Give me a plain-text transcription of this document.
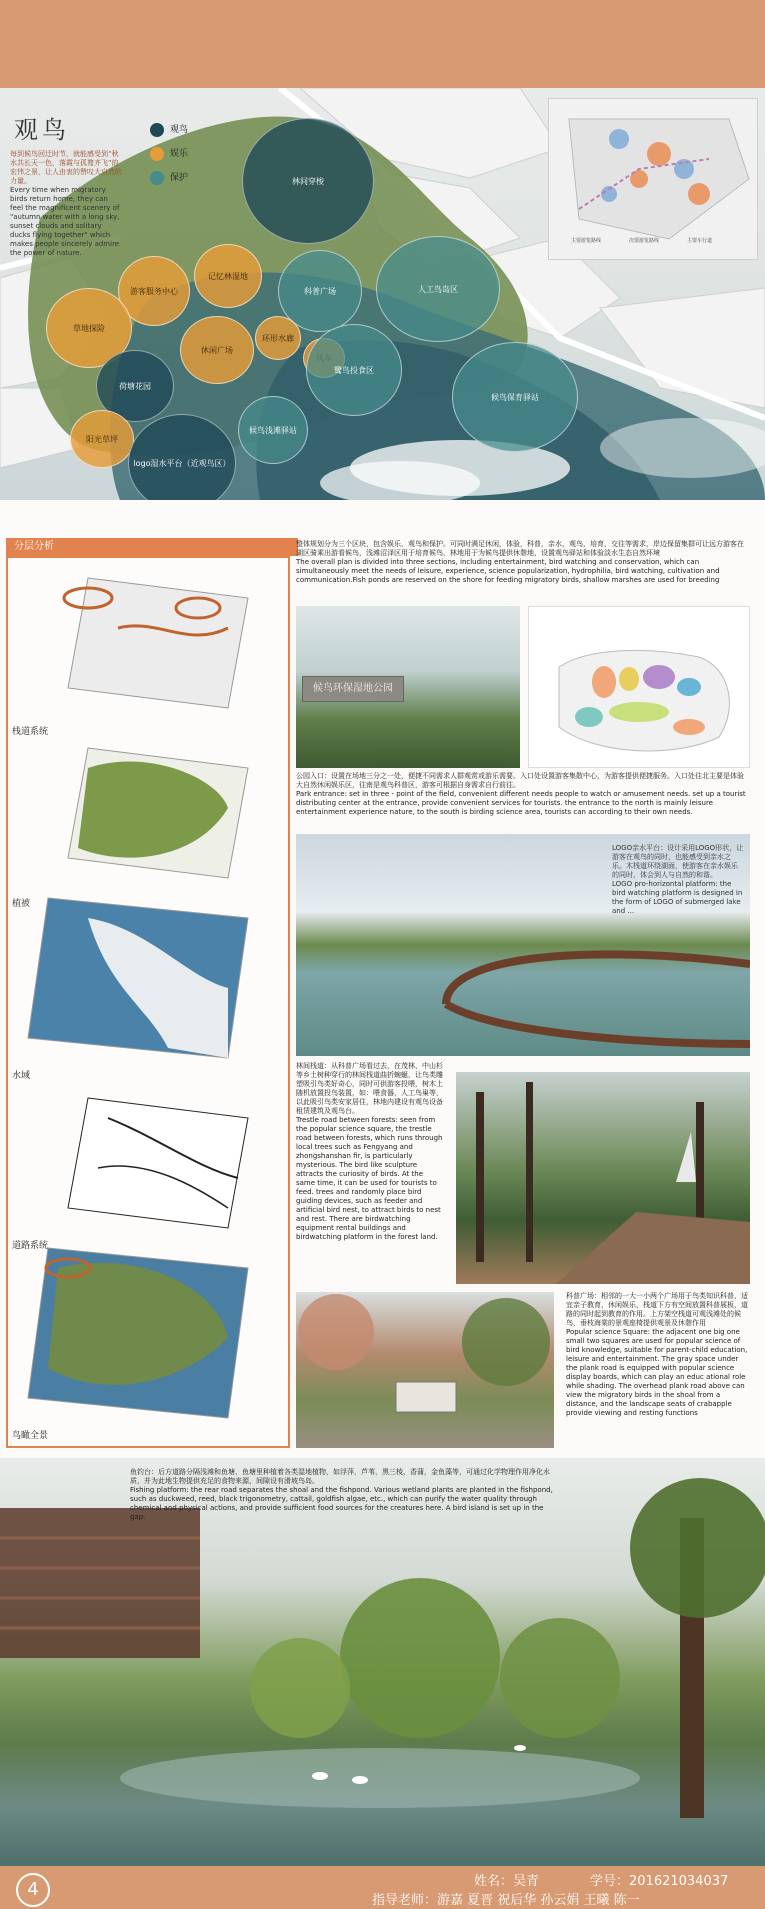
观鸟
每到候鸟回迁时节，就能感受到“秋水共长天一色，落霞与孤鹜齐飞”的宏伟之景，让人由衷的赞叹大自然的力量。
Every time when migratory birds return home, they can feel the magnificent scenery of "autumn water with a long sky, sunset clouds and solitary ducks flying together" which makes people sincerely admire the power of nature.
观鸟
娱乐
保护	林间穿梭
科普广场	人工鸟岛区
游客服务中心
记忆林湿地
草地探险
休闲广场
环形水廊
鹭鸟投食区
荷塘花园
候鸟保育驿站
阳光草坪
logo湿水平台（近观鸟区）
候鸟浅滩驿站
主要游览路线	次要游览路线	主要车行道
分层分析
栈道系统
植被
水域
道路系统
鸟瞰全景
整体规划分为三个区块，包含娱乐，观鸟和保护。可同时满足休闲，体验，科普，亲水，观鸟，培育，交往等需求，岸边保留集群可让远方游客在湖区骑乘出游看候鸟，浅滩沼泽区用于培育候鸟，林地用于为候鸟提供休憩地，设置观鸟驿站和体验淡水生态自然环境
The overall plan is divided into three sections, including entertainment, bird watching and conservation, which can simultaneously meet the needs of leisure, experience, science popularization, hydrophilia, bird watching, cultivation and communication.Fish ponds are reserved on the shore for feeding migratory birds, shallow marshes are used for breeding
候鸟环保湿地公园
公园入口：设置在场地三分之一处，便捷不同需求人群观赏或游乐需要。入口处设置游客集散中心，为游客提供便捷服务。入口处往北主要是体验大自然休闲娱乐区，往南是观鸟科普区，游客可根据自身需求自行前往。
Park entrance: set in three - point of the field, convenient different needs people to watch or amusement needs. set up a tourist distributing center at the entrance, provide convenient services for tourists. the entrance to the north is mainly leisure entertainment experience nature, to the south is birding science area, tourists can according to their own needs.
LOGO亲水平台：设计采用LOGO形状，让游客在观鸟的同时，也能感受到亲水之乐。木栈道环绕湖面，使游客在亲水娱乐的同时，体会到人与自然的和谐。
LOGO pro-horizontal platform: the bird watching platform is designed in the form of LOGO of submerged lake and ...
林间栈道：从科普广场看过去，在茂林，中山杉等乡土树种穿行的林间栈道曲折蜿蜒，让鸟类雕塑吸引鸟类好奇心，同时可供游客投喂，树木上随机放置投鸟装置，如：喂食器，人工鸟巢等，以此吸引鸟类安家居住，林地内建设有观鸟设备租赁建筑及观鸟台。
Trestle road between forests: seen from the popular science square, the trestle road between forests, which runs through local trees such as Fengyang and zhongshanshan fir, is particularly mysterious. The bird like sculpture attracts the curiosity of birds. At the same time, it can be used for tourists to feed. trees and randomly place bird guiding devices, such as feeder and artificial bird nest, to attract birds to nest and rest. There are birdwatching equipment rental buildings and birdwatching platform in the forest land.
科普广场：相邻的一大一小两个广场用于鸟类知识科普，适宜亲子教育，休闲娱乐，栈道下方有空间放置科普展板，道路的同时起到教育的作用。上方架空栈道可观浅滩处的候鸟，垂枝海棠的景观座椅提供观景及休憩作用
Popular science Square: the adjacent one big one small two squares are used for popular science of bird knowledge, suitable for parent-child education, leisure and entertainment. The gray space under the plank road is equipped with popular science display boards, which can play an educ ational role while shading. The overhead plank road above can view the migratory birds in the shoal from a distance, and the landscape seats of crabapple provide viewing and resting functions
鱼钓台：后方道路分隔浅滩和鱼塘，鱼塘里种植着各类湿地植物，如浮萍，芦苇，黑三棱，香蒲，金鱼藻等，可通过化学物理作用净化水质，并为此地生物提供充足的食物来源，间隙设有滑坡鸟岛。
Fishing platform: the rear road separates the shoal and the fishpond. Various wetland plants are planted in the fishpond, such as duckweed, reed, black trigonometry, cattail, goldfish algae, etc., which can purify the water quality through chemical and physical actions, and provide sufficient food sources for the creatures here. A bird island is set up in the gap.
4	姓名：吴青	学号：201621034037
指导老师：游嘉 夏晋 祝后华 孙云娟 王曦 陈一
